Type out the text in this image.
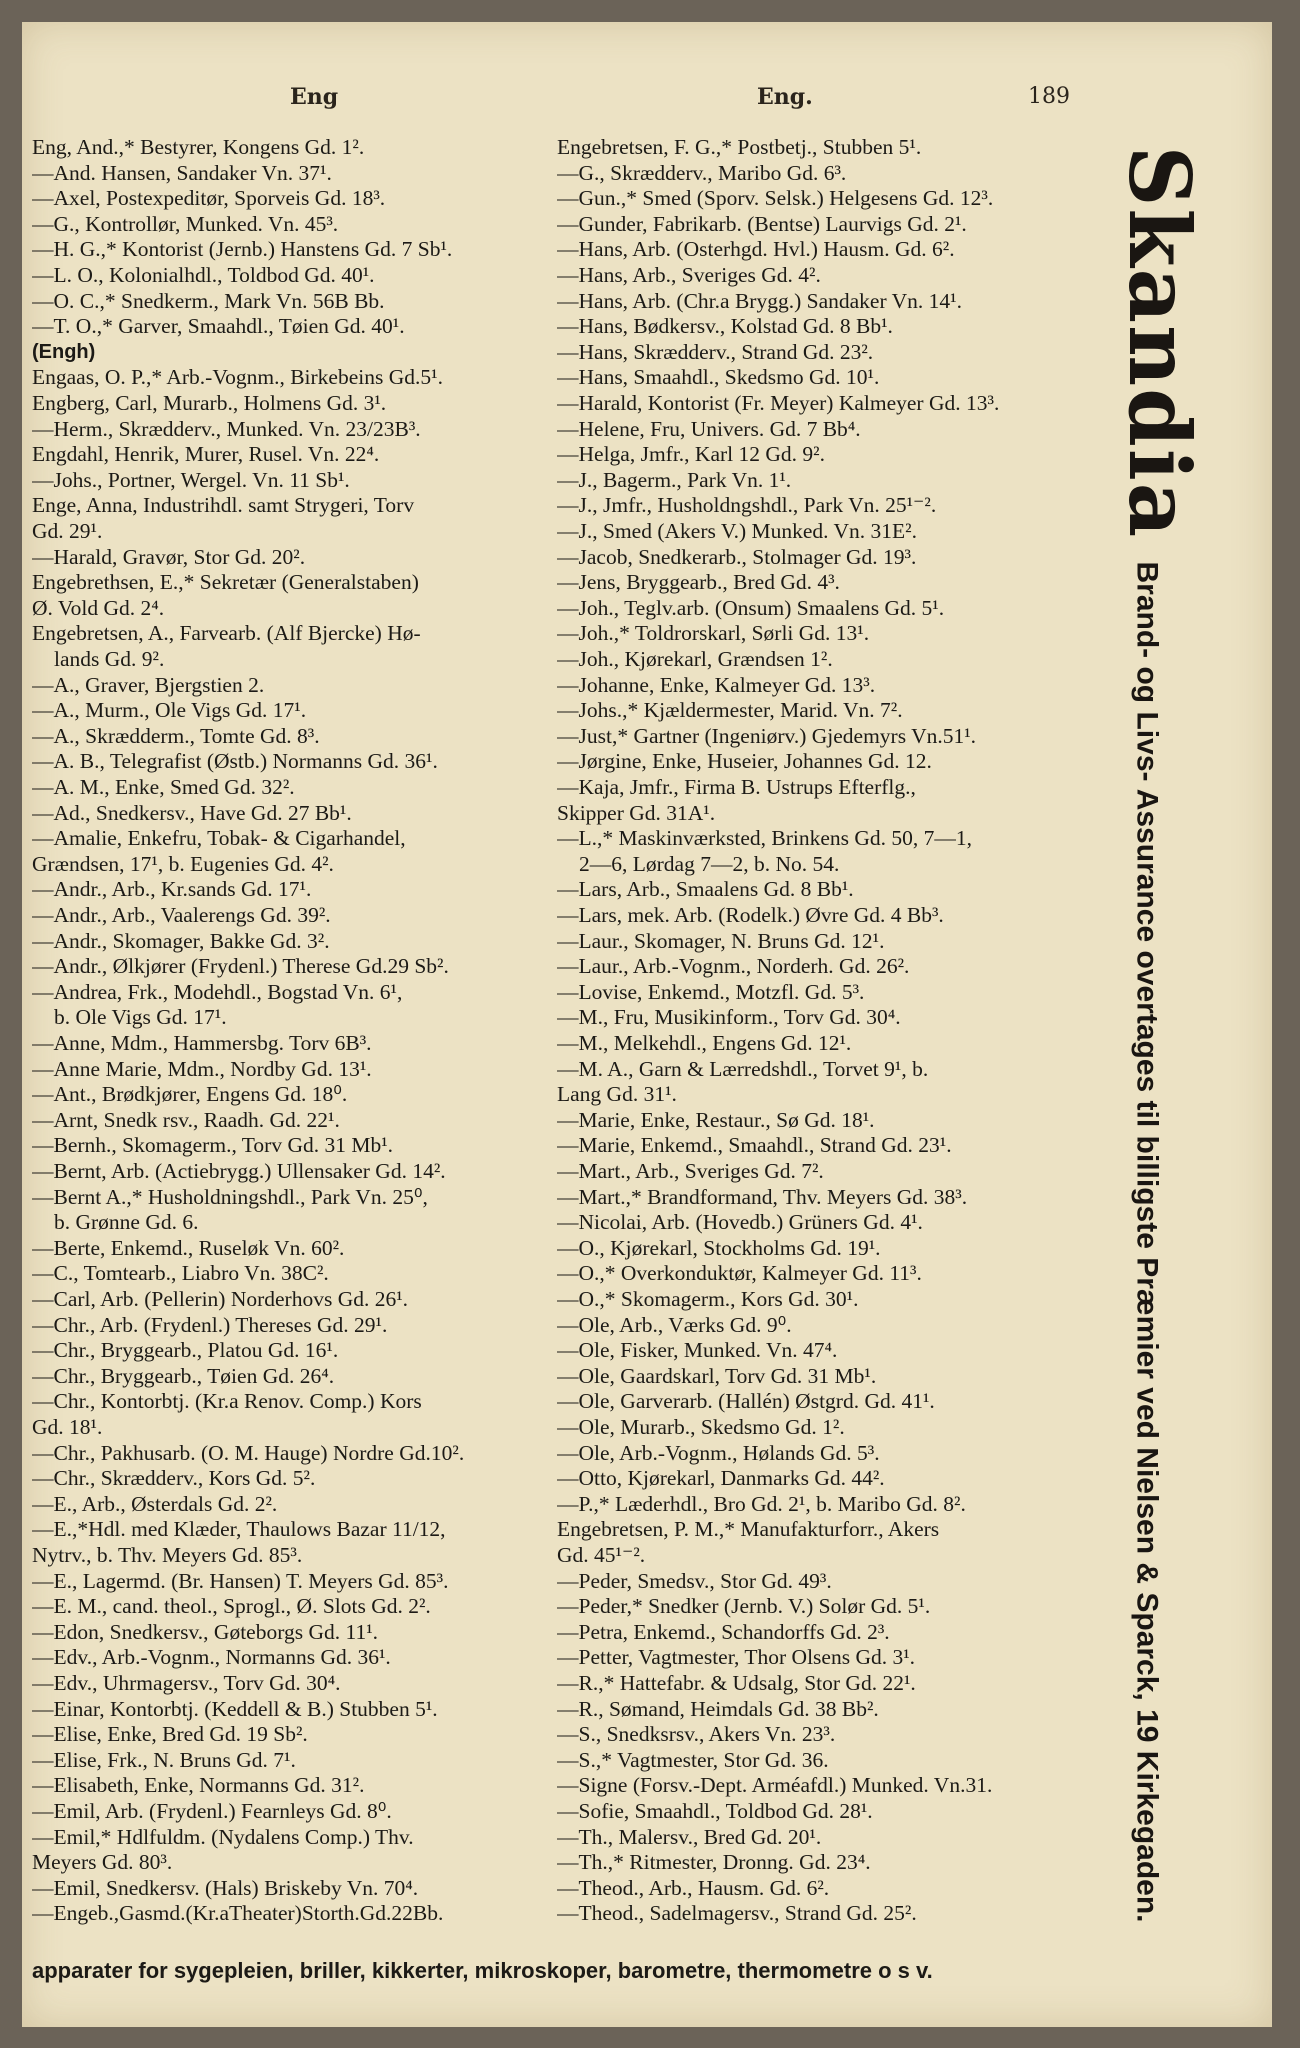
Eng	Eng.	189
Eng, And.,* Bestyrer, Kongens Gd. 1².
—And. Hansen, Sandaker Vn. 37¹.
—Axel, Postexpeditør, Sporveis Gd. 18³.
—G., Kontrollør, Munked. Vn. 45³.
—H. G.,* Kontorist (Jernb.) Hanstens Gd. 7 Sb¹.
—L. O., Kolonialhdl., Toldbod Gd. 40¹.
—O. C.,* Snedkerm., Mark Vn. 56B Bb.
—T. O.,* Garver, Smaahdl., Tøien Gd. 40¹.
(Engh)
Engaas, O. P.,* Arb.-Vognm., Birkebeins Gd.5¹.
Engberg, Carl, Murarb., Holmens Gd. 3¹.
—Herm., Skrædderv., Munked. Vn. 23/23B³.
Engdahl, Henrik, Murer, Rusel. Vn. 22⁴.
—Johs., Portner, Wergel. Vn. 11 Sb¹.
Enge, Anna, Industrihdl. samt Strygeri, Torv
Gd. 29¹.
—Harald, Gravør, Stor Gd. 20².
Engebrethsen, E.,* Sekretær (Generalstaben)
Ø. Vold Gd. 2⁴.
Engebretsen, A., Farvearb. (Alf Bjercke) Hø-
lands Gd. 9².
—A., Graver, Bjergstien 2.
—A., Murm., Ole Vigs Gd. 17¹.
—A., Skrædderm., Tomte Gd. 8³.
—A. B., Telegrafist (Østb.) Normanns Gd. 36¹.
—A. M., Enke, Smed Gd. 32².
—Ad., Snedkersv., Have Gd. 27 Bb¹.
—Amalie, Enkefru, Tobak- & Cigarhandel,
Grændsen, 17¹, b. Eugenies Gd. 4².
—Andr., Arb., Kr.sands Gd. 17¹.
—Andr., Arb., Vaalerengs Gd. 39².
—Andr., Skomager, Bakke Gd. 3².
—Andr., Ølkjører (Frydenl.) Therese Gd.29 Sb².
—Andrea, Frk., Modehdl., Bogstad Vn. 6¹,
b. Ole Vigs Gd. 17¹.
—Anne, Mdm., Hammersbg. Torv 6B³.
—Anne Marie, Mdm., Nordby Gd. 13¹.
—Ant., Brødkjører, Engens Gd. 18⁰.
—Arnt, Snedk rsv., Raadh. Gd. 22¹.
—Bernh., Skomagerm., Torv Gd. 31 Mb¹.
—Bernt, Arb. (Actiebrygg.) Ullensaker Gd. 14².
—Bernt A.,* Husholdningshdl., Park Vn. 25⁰,
b. Grønne Gd. 6.
—Berte, Enkemd., Ruseløk Vn. 60².
—C., Tomtearb., Liabro Vn. 38C².
—Carl, Arb. (Pellerin) Norderhovs Gd. 26¹.
—Chr., Arb. (Frydenl.) Thereses Gd. 29¹.
—Chr., Bryggearb., Platou Gd. 16¹.
—Chr., Bryggearb., Tøien Gd. 26⁴.
—Chr., Kontorbtj. (Kr.a Renov. Comp.) Kors
Gd. 18¹.
—Chr., Pakhusarb. (O. M. Hauge) Nordre Gd.10².
—Chr., Skrædderv., Kors Gd. 5².
—E., Arb., Østerdals Gd. 2².
—E.,*Hdl. med Klæder, Thaulows Bazar 11/12,
Nytrv., b. Thv. Meyers Gd. 85³.
—E., Lagermd. (Br. Hansen) T. Meyers Gd. 85³.
—E. M., cand. theol., Sprogl., Ø. Slots Gd. 2².
—Edon, Snedkersv., Gøteborgs Gd. 11¹.
—Edv., Arb.-Vognm., Normanns Gd. 36¹.
—Edv., Uhrmagersv., Torv Gd. 30⁴.
—Einar, Kontorbtj. (Keddell & B.) Stubben 5¹.
—Elise, Enke, Bred Gd. 19 Sb².
—Elise, Frk., N. Bruns Gd. 7¹.
—Elisabeth, Enke, Normanns Gd. 31².
—Emil, Arb. (Frydenl.) Fearnleys Gd. 8⁰.
—Emil,* Hdlfuldm. (Nydalens Comp.) Thv.
Meyers Gd. 80³.
—Emil, Snedkersv. (Hals) Briskeby Vn. 70⁴.
—Engeb.,Gasmd.(Kr.aTheater)Storth.Gd.22Bb.
Engebretsen, F. G.,* Postbetj., Stubben 5¹.
—G., Skrædderv., Maribo Gd. 6³.
—Gun.,* Smed (Sporv. Selsk.) Helgesens Gd. 12³.
—Gunder, Fabrikarb. (Bentse) Laurvigs Gd. 2¹.
—Hans, Arb. (Osterhgd. Hvl.) Hausm. Gd. 6².
—Hans, Arb., Sveriges Gd. 4².
—Hans, Arb. (Chr.a Brygg.) Sandaker Vn. 14¹.
—Hans, Bødkersv., Kolstad Gd. 8 Bb¹.
—Hans, Skrædderv., Strand Gd. 23².
—Hans, Smaahdl., Skedsmo Gd. 10¹.
—Harald, Kontorist (Fr. Meyer) Kalmeyer Gd. 13³.
—Helene, Fru, Univers. Gd. 7 Bb⁴.
—Helga, Jmfr., Karl 12 Gd. 9².
—J., Bagerm., Park Vn. 1¹.
—J., Jmfr., Husholdngshdl., Park Vn. 25¹⁻².
—J., Smed (Akers V.) Munked. Vn. 31E².
—Jacob, Snedkerarb., Stolmager Gd. 19³.
—Jens, Bryggearb., Bred Gd. 4³.
—Joh., Teglv.arb. (Onsum) Smaalens Gd. 5¹.
—Joh.,* Toldrorskarl, Sørli Gd. 13¹.
—Joh., Kjørekarl, Grændsen 1².
—Johanne, Enke, Kalmeyer Gd. 13³.
—Johs.,* Kjældermester, Marid. Vn. 7².
—Just,* Gartner (Ingeniørv.) Gjedemyrs Vn.51¹.
—Jørgine, Enke, Huseier, Johannes Gd. 12.
—Kaja, Jmfr., Firma B. Ustrups Efterflg.,
Skipper Gd. 31A¹.
—L.,* Maskinværksted, Brinkens Gd. 50, 7—1,
2—6, Lørdag 7—2, b. No. 54.
—Lars, Arb., Smaalens Gd. 8 Bb¹.
—Lars, mek. Arb. (Rodelk.) Øvre Gd. 4 Bb³.
—Laur., Skomager, N. Bruns Gd. 12¹.
—Laur., Arb.-Vognm., Norderh. Gd. 26².
—Lovise, Enkemd., Motzfl. Gd. 5³.
—M., Fru, Musikinform., Torv Gd. 30⁴.
—M., Melkehdl., Engens Gd. 12¹.
—M. A., Garn & Lærredshdl., Torvet 9¹, b.
Lang Gd. 31¹.
—Marie, Enke, Restaur., Sø Gd. 18¹.
—Marie, Enkemd., Smaahdl., Strand Gd. 23¹.
—Mart., Arb., Sveriges Gd. 7².
—Mart.,* Brandformand, Thv. Meyers Gd. 38³.
—Nicolai, Arb. (Hovedb.) Grüners Gd. 4¹.
—O., Kjørekarl, Stockholms Gd. 19¹.
—O.,* Overkonduktør, Kalmeyer Gd. 11³.
—O.,* Skomagerm., Kors Gd. 30¹.
—Ole, Arb., Værks Gd. 9⁰.
—Ole, Fisker, Munked. Vn. 47⁴.
—Ole, Gaardskarl, Torv Gd. 31 Mb¹.
—Ole, Garverarb. (Hallén) Østgrd. Gd. 41¹.
—Ole, Murarb., Skedsmo Gd. 1².
—Ole, Arb.-Vognm., Hølands Gd. 5³.
—Otto, Kjørekarl, Danmarks Gd. 44².
—P.,* Læderhdl., Bro Gd. 2¹, b. Maribo Gd. 8².
Engebretsen, P. M.,* Manufakturforr., Akers
Gd. 45¹⁻².
—Peder, Smedsv., Stor Gd. 49³.
—Peder,* Snedker (Jernb. V.) Solør Gd. 5¹.
—Petra, Enkemd., Schandorffs Gd. 2³.
—Petter, Vagtmester, Thor Olsens Gd. 3¹.
—R.,* Hattefabr. & Udsalg, Stor Gd. 22¹.
—R., Sømand, Heimdals Gd. 38 Bb².
—S., Snedksrsv., Akers Vn. 23³.
—S.,* Vagtmester, Stor Gd. 36.
—Signe (Forsv.-Dept. Arméafdl.) Munked. Vn.31.
—Sofie, Smaahdl., Toldbod Gd. 28¹.
—Th., Malersv., Bred Gd. 20¹.
—Th.,* Ritmester, Dronng. Gd. 23⁴.
—Theod., Arb., Hausm. Gd. 6².
—Theod., Sadelmagersv., Strand Gd. 25².
Skandia
Brand- og Livs- Assurance overtages til billigste Præmier ved Nielsen & Sparck, 19 Kirkegaden.
apparater for sygepleien, briller, kikkerter, mikroskoper, barometre, thermometre o s v.
